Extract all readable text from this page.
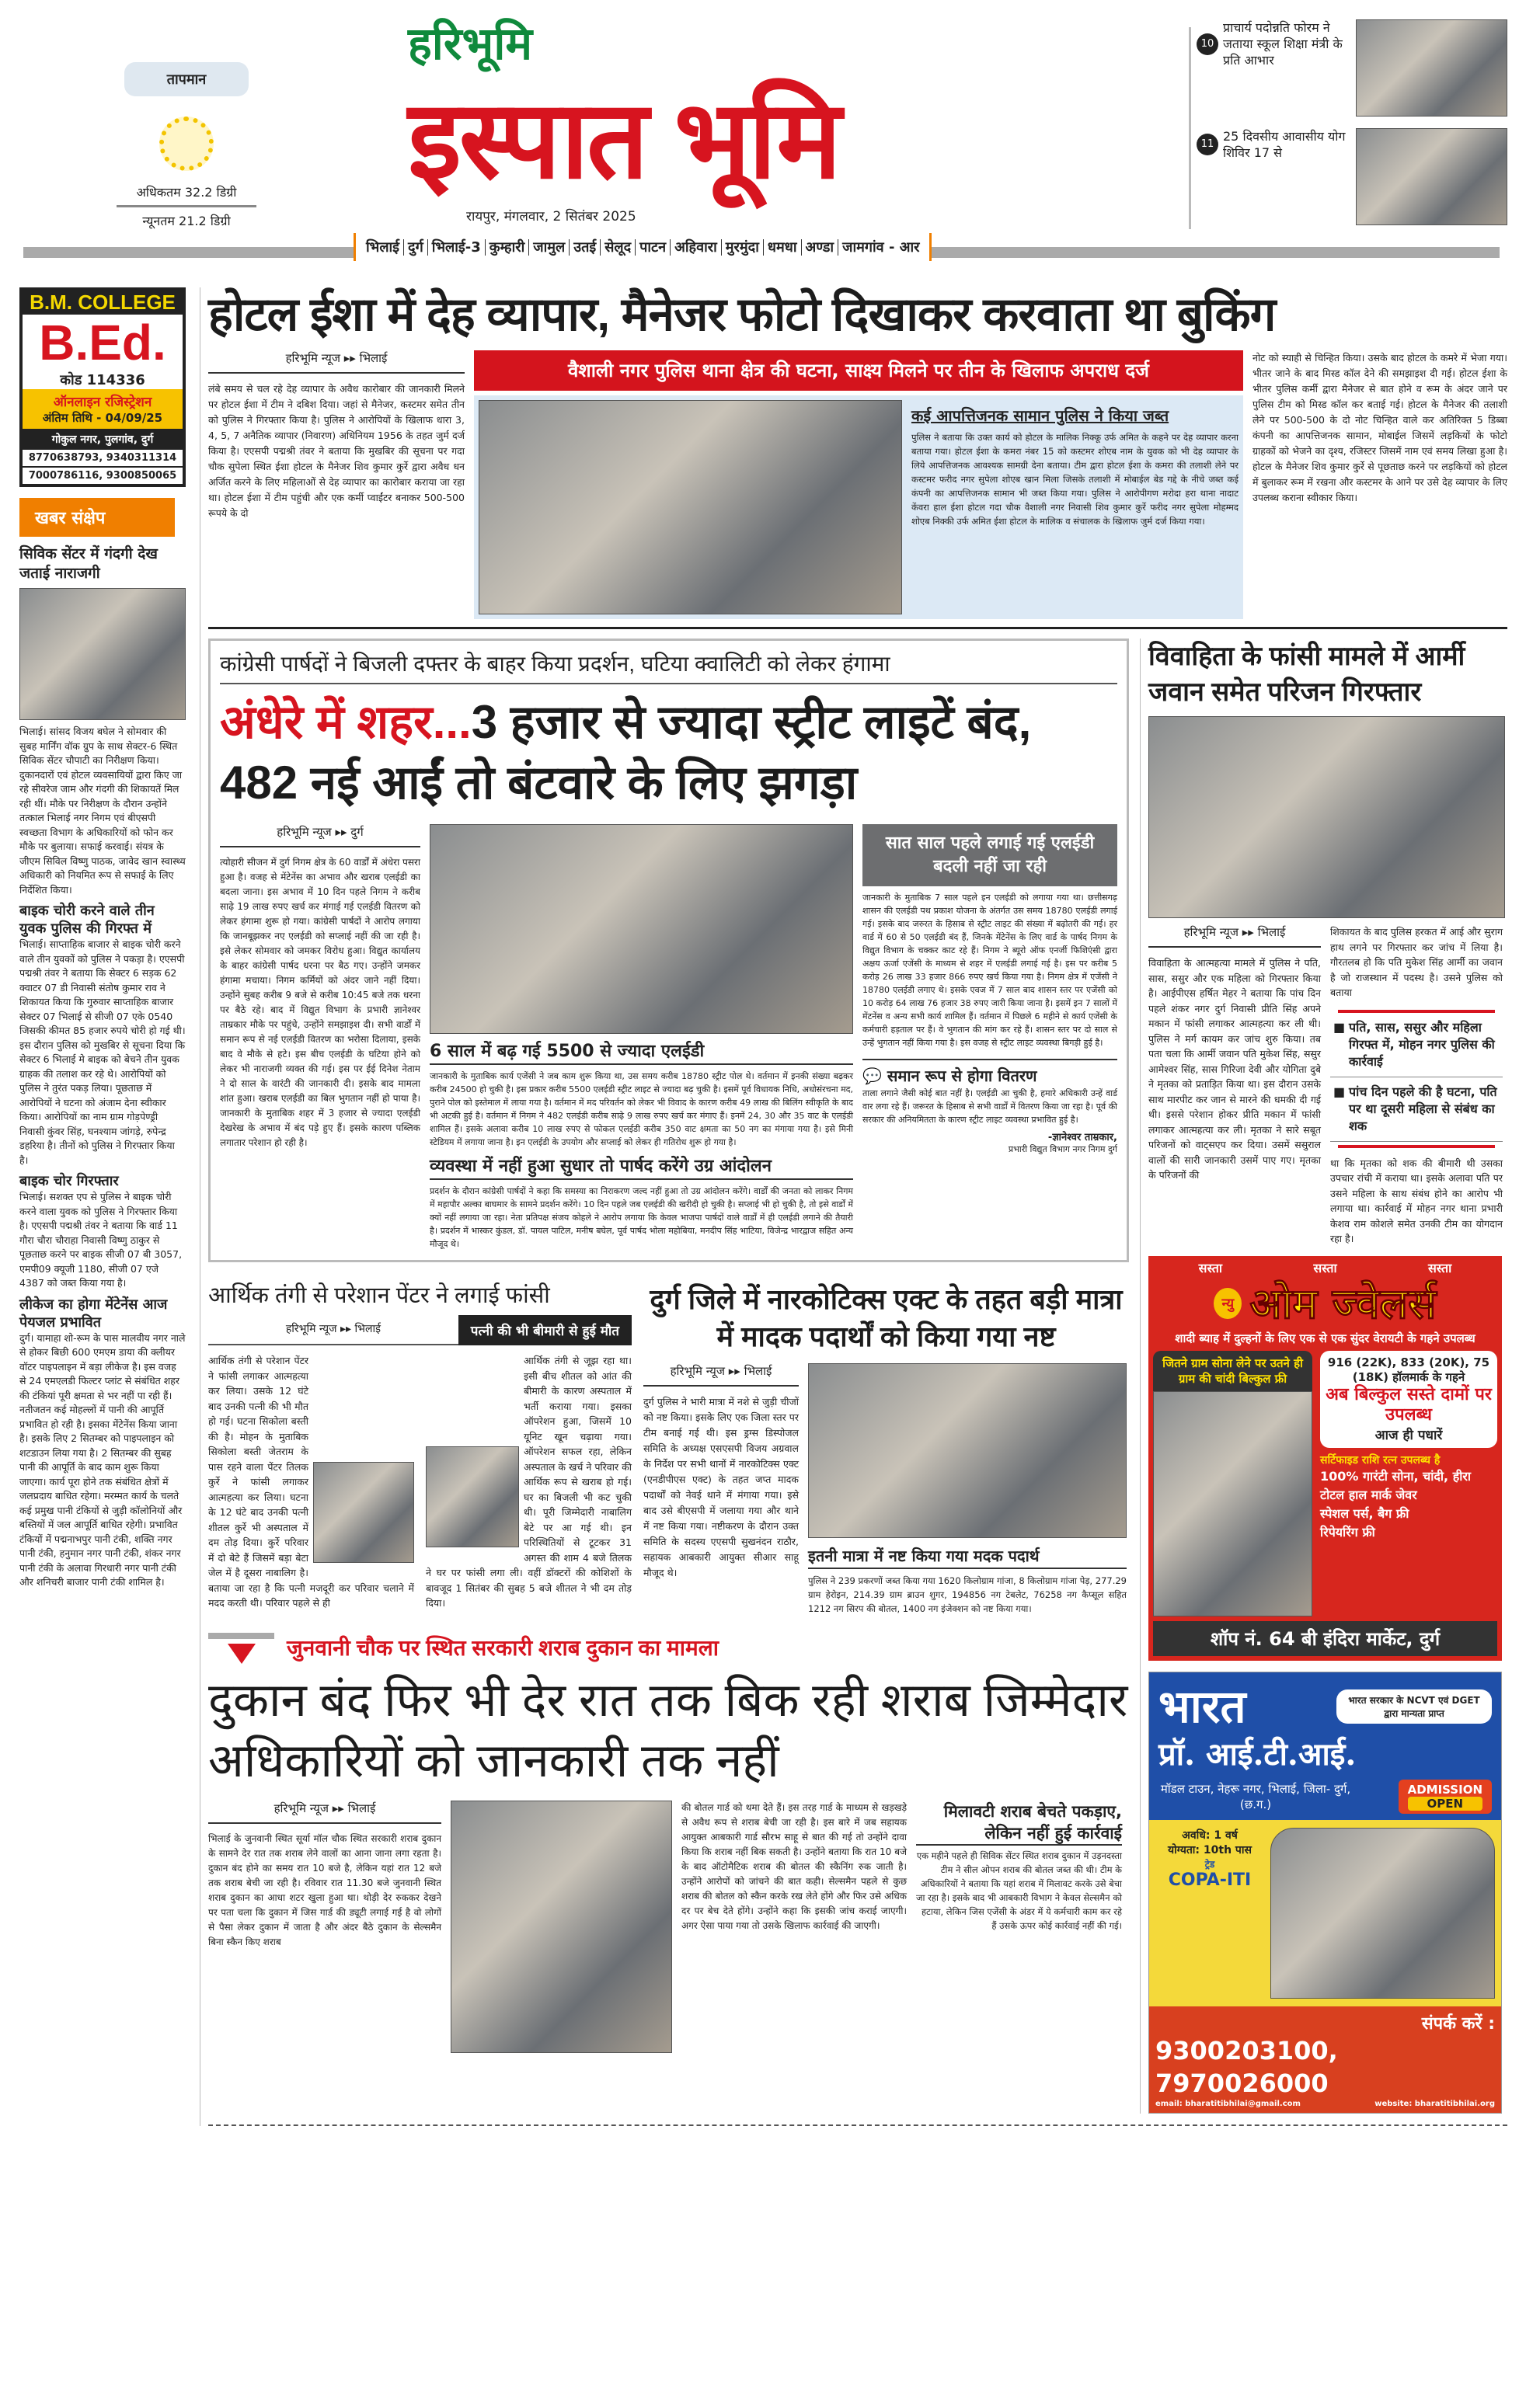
तापमान
अधिकतम 32.2 डिग्री
न्यूनतम 21.2 डिग्री
हरिभूमि
इस्पात भूमि
रायपुर, मंगलवार, 2 सितंबर 2025
10प्राचार्य पदोन्नति फोरम ने जताया स्कूल शिक्षा मंत्री के प्रति आभार
1125 दिवसीय आवासीय योग शिविर 17 से
भिलाई दुर्ग भिलाई-3 कुम्हारी जामुल उतई सेलूद पाटन अहिवारा मुरमुंदा धमधा अण्डा जामगांव - आर
B.M. COLLEGE
B.Ed.
कोड 114336
ऑनलाइन रजिस्ट्रेशन
अंतिम तिथि - 04/09/25
गोकुल नगर, पुलगांव, दुर्ग
8770638793, 9340311314
7000786116, 9300850065
खबर संक्षेप
सिविक सेंटर में गंदगी देख जताई नाराजगी
भिलाई। सांसद विजय बघेल ने सोमवार की सुबह मार्निंग वॉक ग्रुप के साथ सेक्टर-6 स्थित सिविक सेंटर चौपाटी का निरीक्षण किया। दुकानदारों एवं होटल व्यवसायियों द्वारा किए जा रहे सीवरेज जाम और गंदगी की शिकायतें मिल रही थीं। मौके पर निरीक्षण के दौरान उन्होंने तत्काल भिलाई नगर निगम एवं बीएसपी स्वच्छता विभाग के अधिकारियों को फोन कर मौके पर बुलाया। सफाई करवाई। संयत्र के जीएम सिविल विष्णु पाठक, जावेद खान स्वास्थ्य अधिकारी को नियमित रूप से सफाई के लिए निर्देशित किया।
बाइक चोरी करने वाले तीन युवक पुलिस की गिरफ्त में
भिलाई। साप्ताहिक बाजार से बाइक चोरी करने वाले तीन युवकों को पुलिस ने पकड़ा है। एएसपी पद्मश्री तंवर ने बताया कि सेक्टर 6 सड़क 62 क्वाटर 07 डी निवासी संतोष कुमार राव ने शिकायत किया कि गुरुवार साप्ताहिक बाजार सेक्टर 07 भिलाई से सीजी 07 एके 0540 जिसकी कीमत 85 हजार रुपये चोरी हो गई थी। इस दौरान पुलिस को मुखबिर से सूचना दिया कि सेक्टर 6 भिलाई मे बाइक को बेचने तीन युवक ग्राहक की तलाश कर रहे थे। आरोपियों को पुलिस ने तुरंत पकड़ लिया। पूछताछ में आरोपियों ने घटना को अंजाम देना स्वीकार किया। आरोपियों का नाम ग्राम गोड़पेण्ड्री निवासी कुंवर सिंह, घनश्याम जांगड़े, रुपेन्द्र डहरिया है। तीनों को पुलिस ने गिरफ्तार किया है।
बाइक चोर गिरफ्तार
भिलाई। सशक्त एप से पुलिस ने बाइक चोरी करने वाला युवक को पुलिस ने गिरफ्तार किया है। एएसपी पद्मश्री तंवर ने बताया कि वार्ड 11 गौरा चौरा चौराहा निवासी विष्णु ठाकुर से पूछताछ करने पर बाइक सीजी 07 बी 3057, एमपी09 क्यूजी 1180, सीजी 07 एजे 4387 को जब्त किया गया है।
लीकेज का होगा मेंटेनेंस आज पेयजल प्रभावित
दुर्ग। यामाहा शो-रूम के पास मालवीय नगर नाले से होकर बिछी 600 एमएम डाया की क्लीयर वॉटर पाइपलाइन में बड़ा लीकेज है। इस वजह से 24 एमएलडी फिल्टर प्लांट से संबंधित शहर की टंकियां पूरी क्षमता से भर नहीं पा रही हैं। नतीजतन कई मोहल्लों में पानी की आपूर्ति प्रभावित हो रही है। इसका मेंटेनेंस किया जाना है। इसके लिए 2 सितम्बर को पाइपलाइन को शटडाउन लिया गया है। 2 सितम्बर की सुबह पानी की आपूर्ति के बाद काम शुरू किया जाएगा। कार्य पूरा होने तक संबंधित क्षेत्रों में जलप्रदाय बाधित रहेगा। मरम्मत कार्य के चलते कई प्रमुख पानी टंकियों से जुड़ी कॉलोनियों और बस्तियों में जल आपूर्ति बाधित रहेगी। प्रभावित टंकियों में पद्मनाभपुर पानी टंकी, शक्ति नगर पानी टंकी, हनुमान नगर पानी टंकी, शंकर नगर पानी टंकी के अलावा गिरधारी नगर पानी टंकी और शनिचरी बाजार पानी टंकी शामिल है।
होटल ईशा में देह व्यापार, मैनेजर फोटो दिखाकर करवाता था बुकिंग
हरिभूमि न्यूज ▸▸ भिलाई
लंबे समय से चल रहे देह व्यापार के अवैध कारोबार की जानकारी मिलने पर होटल ईशा में टीम ने दबिश दिया। जहां से मैनेजर, कस्टमर समेत तीन को पुलिस ने गिरफ्तार किया है। पुलिस ने आरोपियों के खिलाफ धारा 3, 4, 5, 7 अनैतिक व्यापार (निवारण) अधिनियम 1956 के तहत जुर्म दर्ज किया है। एएसपी पद्मश्री तंवर ने बताया कि मुखबिर की सूचना पर गदा चौक सुपेला स्थित ईशा होटल के मैनेजर शिव कुमार कुर्रे द्वारा अवैध धन अर्जित करने के लिए महिलाओं से देह व्यापार का कारोबार कराया जा रहा था। होटल ईशा में टीम पहुंची और एक कर्मी प्वाईंटर बनाकर 500-500 रूपये के दो
वैशाली नगर पुलिस थाना क्षेत्र की घटना, साक्ष्य मिलने पर तीन के खिलाफ अपराध दर्ज
कई आपत्तिजनक सामान पुलिस ने किया जब्त
पुलिस ने बताया कि उक्त कार्य को होटल के मालिक निक्कू उर्फ अमित के कहने पर देह व्यापार करना बताया गया। होटल ईशा के कमरा नंबर 15 को कस्टमर शोएब नाम के युवक को भी देह व्यापार के लिये आपत्तिजनक आवश्यक सामग्री देना बताया। टीम द्वारा होटल ईशा के कमरा की तलाशी लेने पर कस्टमर फरीद नगर सुपेला शोएब खान मिला जिसके तलाशी में मोबाईल बेड गद्दे के नीचे जब्त कई कंपनी का आपत्तिजनक सामान भी जब्त किया गया। पुलिस ने आरोपीगण मरोदा हरा थाना नादाट केंवरा हाल ईशा होटल गदा चौक वैशाली नगर निवासी शिव कुमार कुर्रे फरीद नगर सुपेला मोहम्मद शोएब निक्की उर्फ अमित ईशा होटल के मालिक व संचालक के खिलाफ जुर्म दर्ज किया गया।
नोट को स्याही से चिन्हित किया। उसके बाद होटल के कमरे में भेजा गया। भीतर जाने के बाद मिस्ड कॉल देने की समझाइश दी गई। होटल ईशा के भीतर पुलिस कर्मी द्वारा मैनेजर से बात होने व रूम के अंदर जाने पर पुलिस टीम को मिस्ड कॉल कर बताई गई। होटल के मैनेजर की तलाशी लेने पर 500-500 के दो नोट चिन्हित वाले कर अतिरिक्त 5 डिब्बा कंपनी का आपत्तिजनक सामान, मोबाईल जिसमें लड़कियों के फोटो ग्राहकों को भेजने का दृश्य, रजिस्टर जिसमें नाम एवं समय लिखा हुआ है। होटल के मैनेजर शिव कुमार कुर्रे से पूछताछ करने पर लड़कियों को होटल में बुलाकर रूम में रखना और कस्टमर के आने पर उसे देह व्यापार के लिए उपलब्ध कराना स्वीकार किया।
कांग्रेसी पार्षदों ने बिजली दफ्तर के बाहर किया प्रदर्शन, घटिया क्वालिटी को लेकर हंगामा
अंधेरे में शहर...3 हजार से ज्यादा स्ट्रीट लाइटें बंद, 482 नई आईं तो बंटवारे के लिए झगड़ा
हरिभूमि न्यूज ▸▸ दुर्ग
त्योहारी सीजन में दुर्ग निगम क्षेत्र के 60 वार्डों में अंधेरा पसरा हुआ है। वजह से मेंटेनेंस का अभाव और खराब एलईडी का बदला जाना। इस अभाव में 10 दिन पहले निगम ने करीब साढ़े 19 लाख रुपए खर्च कर मंगाई गई एलईडी वितरण को लेकर हंगामा शुरू हो गया। कांग्रेसी पार्षदों ने आरोप लगाया कि जानबूझकर नए एलईडी को सप्लाई नहीं की जा रही है। इसे लेकर सोमवार को जमकर विरोध हुआ। विद्युत कार्यालय के बाहर कांग्रेसी पार्षद धरना पर बैठ गए। उन्होंने जमकर हंगामा मचाया। निगम कर्मियों को अंदर जाने नहीं दिया। उन्होंने सुबह करीब 9 बजे से करीब 10:45 बजे तक धरना पर बैठे रहे। बाद में विद्युत विभाग के प्रभारी ज्ञानेश्वर ताम्रकार मौके पर पहुंचे, उन्होंने समझाइश दी। सभी वार्डों में समान रूप से नई एलईडी वितरण का भरोसा दिलाया, इसके बाद वे मौके से हटे। इस बीच एलईडी के घटिया होने को लेकर भी नाराजगी व्यक्त की गई। इस पर ईई दिनेश नेताम ने दो साल के वारंटी की जानकारी दी। इसके बाद मामला शांत हुआ। खराब एलईडी का बिल भुगतान नहीं हो पाया है। जानकारी के मुताबिक शहर में 3 हजार से ज्यादा एलईडी देखरेख के अभाव में बंद पड़े हुए हैं। इसके कारण पब्लिक लगातार परेशान हो रही है।
6 साल में बढ़ गई 5500 से ज्यादा एलईडी
जानकारी के मुताबिक कार्य एजेंसी ने जब काम शुरू किया था, उस समय करीब 18780 स्ट्रीट पोल थे। वर्तमान में इनकी संख्या बढ़कर करीब 24500 हो चुकी है। इस प्रकार करीब 5500 एलईडी स्ट्रीट लाइट से ज्यादा बढ़ चुकी है। इसमें पूर्व विधायक निधि, अधोसंरचना मद, पुराने पोल को इस्तेमाल में लाया गया है। वर्तमान में मद परिवर्तन को लेकर भी विवाद के कारण करीब 49 लाख की बिलिंग स्वीकृति के बाद भी अटकी हुई है। वर्तमान में निगम ने 482 एलईडी करीब साढ़े 9 लाख रुपए खर्च कर मंगाए हैं। इनमें 24, 30 और 35 वाट के एलईडी शामिल हैं। इसके अलावा करीब 10 लाख रुपए से फोकल एलईडी करीब 350 वाट क्षमता का 50 नग का मंगाया गया है। इसे मिनी स्टेडियम में लगाया जाना है। इन एलईडी के उपयोग और सप्लाई को लेकर ही गतिरोध शुरू हो गया है।
व्यवस्था में नहीं हुआ सुधार तो पार्षद करेंगे उग्र आंदोलन
प्रदर्शन के दौरान कांग्रेसी पार्षदों ने कहा कि समस्या का निराकरण जल्द नहीं हुआ तो उग्र आंदोलन करेंगे। वार्डों की जनता को लाकर निगम में महापौर अल्का बाघमार के सामने प्रदर्शन करेंगे। 10 दिन पहले जब एलईडी की खरीदी हो चुकी है। सप्लाई भी हो चुकी है, तो इसे वार्डों में क्यों नहीं लगाया जा रहा। नेता प्रतिपक्ष संजय कोहले ने आरोप लगाया कि केवल भाजपा पार्षदों वाले वार्डों में ही एलईडी लगाने की तैयारी है। प्रदर्शन में भास्कर कुंडल, डॉ. पायल पाटिल, मनीष बघेल, पूर्व पार्षद भोला महोबिया, मनदीप सिंह भाटिया, विजेन्द्र भारद्वाज सहित अन्य मौजूद थे।
सात साल पहले लगाई गई एलईडी बदली नहीं जा रही
जानकारी के मुताबिक 7 साल पहले इन एलईडी को लगाया गया था। छत्तीसगढ़ शासन की एलईडी पथ प्रकाश योजना के अंतर्गत उस समय 18780 एलईडी लगाई गई। इसके बाद जरुरत के हिसाब से स्ट्रीट लाइट की संख्या में बढ़ोतरी की गई। हर वार्ड में 60 से 50 एलईडी बंद हैं, जिनके मेंटेनेंस के लिए वार्ड के पार्षद निगम के विद्युत विभाग के चक्कर काट रहे हैं। निगम ने ब्यूरो ऑफ एनर्जी फिशिएंसी द्वारा अक्षय ऊर्जा एजेंसी के माध्यम से शहर में एलईडी लगाई गई है। इस पर करीब 5 करोड़ 26 लाख 33 हजार 866 रुपए खर्च किया गया है। निगम क्षेत्र में एजेंसी ने 18780 एलईडी लगाए थे। इसके एवज में 7 साल बाद शासन स्तर पर एजेंसी को 10 करोड़ 64 लाख 76 हजार 38 रुपए जारी किया जाना है। इसमें इन 7 सालों में मेंटनेंस व अन्य सभी कार्य शामिल हैं। वर्तमान में पिछले 6 महीने से कार्य एजेंसी के कर्मचारी हड़ताल पर हैं। वे भुगतान की मांग कर रहे हैं। शासन स्तर पर दो साल से उन्हें भुगतान नहीं किया गया है। इस वजह से स्ट्रीट लाइट व्यवस्था बिगड़ी हुई है।
💬 समान रूप से होगा वितरण
ताला लगाने जैसी कोई बात नहीं है। एलईडी आ चुकी है, हमारे अधिकारी उन्हें वार्ड वार लगा रहे हैं। जरूरत के हिसाब से सभी वार्डों में वितरण किया जा रहा है। पूर्व की सरकार की अनियमितता के कारण स्ट्रीट लाइट व्यवस्था प्रभावित हुई है।
-ज्ञानेश्वर ताम्रकार,
प्रभारी विद्युत विभाग नगर निगम दुर्ग
आर्थिक तंगी से परेशान पेंटर ने लगाई फांसी
हरिभूमि न्यूज ▸▸ भिलाई	पत्नी की भी बीमारी से हुई मौत
आर्थिक तंगी से परेशान पेंटर ने फांसी लगाकर आत्महत्या कर लिया। उसके 12 घंटे बाद उनकी पत्नी की भी मौत हो गई। घटना सिकोला बस्ती की है। मोहन के मुताबिक सिकोला बस्ती जेतराम के पास रहने वाला पेंटर तिलक कुर्रे ने फांसी लगाकर आत्महत्या कर लिया। घटना के 12 घंटे बाद उनकी पत्नी शीतल कुर्रे भी अस्पताल में दम तोड़ दिया। कुर्रे परिवार में दो बेटे हैं जिसमें बड़ा बेटा जेल में है दूसरा नाबालिग है। बताया जा रहा है कि पत्नी मजदूरी कर परिवार चलाने में मदद करती थी। परिवार पहले से ही
आर्थिक तंगी से जूझ रहा था। इसी बीच शीतल को आंत की बीमारी के कारण अस्पताल में भर्ती कराया गया। इसका ऑपरेशन हुआ, जिसमें 10 यूनिट खून चढ़ाया गया। ऑपरेशन सफल रहा, लेकिन अस्पताल के खर्च ने परिवार की आर्थिक रूप से खराब हो गई। घर का बिजली भी कट चुकी थी। पूरी जिम्मेदारी नाबालिग बेटे पर आ गई थी। इन परिस्थितियों से टूटकर 31 अगस्त की शाम 4 बजे तिलक ने घर पर फांसी लगा ली। वहीं डॉक्टरों की कोशिशों के बावजूद 1 सितंबर की सुबह 5 बजे शीतल ने भी दम तोड़ दिया।
दुर्ग जिले में नारकोटिक्स एक्ट के तहत बड़ी मात्रा में मादक पदार्थों को किया गया नष्ट
हरिभूमि न्यूज ▸▸ भिलाई
दुर्ग पुलिस ने भारी मात्रा में नशे से जुड़ी चीजों को नष्ट किया। इसके लिए एक जिला स्तर पर टीम बनाई गई थी। इस ड्रग्स डिस्पोजल समिति के अध्यक्ष एसएसपी विजय अग्रवाल के निर्देश पर सभी थानों में नारकोटिक्स एक्ट (एनडीपीएस एक्ट) के तहत जप्त मादक पदार्थों को नेवई थाने में मंगाया गया। इसे बाद उसे बीएसपी में जलाया गया और थाने में नष्ट किया गया। नष्टीकरण के दौरान उक्त समिति के सदस्य एएसपी सुखनंदन राठौर, सहायक आबकारी आयुक्त सीआर साहू मौजूद थे।
इतनी मात्रा में नष्ट किया गया मदक पदार्थ
पुलिस ने 239 प्रकरणों जब्त किया गया 1620 किलोग्राम गांजा, 8 किलोग्राम गांजा पेड़, 277.29 ग्राम हेरोइन, 214.39 ग्राम ब्राउन शुगर, 194856 नग टेबलेट, 76258 नग कैप्सूल सहित 1212 नग सिरप की बोतल, 1400 नग इंजेक्शन को नष्ट किया गया।
जुनवानी चौक पर स्थित सरकारी शराब दुकान का मामला
दुकान बंद फिर भी देर रात तक बिक रही शराब जिम्मेदार अधिकारियों को जानकारी तक नहीं
हरिभूमि न्यूज ▸▸ भिलाई
भिलाई के जुनवानी स्थित सूर्या मॉल चौक स्थित सरकारी शराब दुकान के सामने देर रात तक शराब लेने वालों का आना जाना लगा रहता है। दुकान बंद होने का समय रात 10 बजे है, लेकिन यहां रात 12 बजे तक शराब बेची जा रही है। रविवार रात 11.30 बजे जुनवानी स्थित शराब दुकान का आधा शटर खुला हुआ था। थोड़ी देर रुककर देखने पर पता चला कि दुकान में जिस गार्ड की ड्यूटी लगाई गई है वो लोगों से पैसा लेकर दुकान में जाता है और अंदर बैठे दुकान के सेल्समैन बिना स्कैन किए शराब
की बोतल गार्ड को थमा देते हैं। इस तरह गार्ड के माध्यम से खड़खड़े से अवैध रूप से शराब बेची जा रही है। इस बारे में जब सहायक आयुक्त आबकारी गार्ड सौरभ साहू से बात की गई तो उन्होंने दावा किया कि शराब नहीं बिक सकती है। उन्होंने बताया कि रात 10 बजे के बाद ऑटोमैटिक शराब की बोतल की स्कैनिंग रुक जाती है। उन्होंने आरोपों को जांचने की बात कही। सेल्समैन पहले से कुछ शराब की बोतल को स्कैन करके रख लेते होंगे और फिर उसे अधिक दर पर बेच देते होंगे। उन्होंने कहा कि इसकी जांच कराई जाएगी। अगर ऐसा पाया गया तो उसके खिलाफ कार्रवाई की जाएगी।
मिलावटी शराब बेचते पकड़ाए, लेकिन नहीं हुई कार्रवाई
एक महीने पहले ही सिविक सेंटर स्थित शराब दुकान में उड़नदस्ता टीम ने सील ओपन शराब की बोतल जब्त की थी। टीम के अधिकारियों ने बताया कि यहां शराब में मिलावट करके उसे बेचा जा रहा है। इसके बाद भी आबकारी विभाग ने केवल सेल्समैन को हटाया, लेकिन जिस एजेंसी के अंडर में ये कर्मचारी काम कर रहे हैं उसके ऊपर कोई कार्रवाई नहीं की गई।
विवाहिता के फांसी मामले में आर्मी जवान समेत परिजन गिरफ्तार
हरिभूमि न्यूज ▸▸ भिलाई
विवाहिता के आत्महत्या मामले में पुलिस ने पति, सास, ससुर और एक महिला को गिरफ्तार किया है। आईपीएस हर्षित मेहर ने बताया कि पांच दिन पहले शंकर नगर दुर्ग निवासी प्रीति सिंह अपने मकान में फांसी लगाकर आत्महत्या कर ली थी। पुलिस ने मर्ग कायम कर जांच शुरु किया। तब पता चला कि आर्मी जवान पति मुकेश सिंह, ससुर आमेश्वर सिंह, सास गिरिजा देवी और योगिता दुबे ने मृतका को प्रताड़ित किया था। इस दौरान उसके साथ मारपीट कर जान से मारने की धमकी दी गई थी। इससे परेशान होकर प्रीति मकान में फांसी लगाकर आत्महत्या कर ली। मृतका ने सारे सबूत परिजनों को वाट्सएप कर दिया। उसमें ससुराल वालों की सारी जानकारी उसमें पाए गए। मृतका के परिजनों की
शिकायत के बाद पुलिस हरकत में आई और सुराग हाथ लगने पर गिरफ्तार कर जांच में लिया है। गौरतलब हो कि पति मुकेश सिंह आर्मी का जवान है जो राजस्थान में पदस्थ है। उसने पुलिस को बताया
■ पति, सास, ससुर और महिला गिरफ्त में, मोहन नगर पुलिस की कार्रवाई
■ पांच दिन पहले की है घटना, पति पर था दूसरी महिला से संबंध का शक
था कि मृतका को शक की बीमारी थी उसका उपचार रांची में कराया था। इसके अलावा पति पर उसने महिला के साथ संबंध होने का आरोप भी लगाया था। कार्रवाई में मोहन नगर थाना प्रभारी केशव राम कोशले समेत उनकी टीम का योगदान रहा है।
सस्ता	सस्ता	सस्ता
न्यु ओम ज्वेलर्स
शादी ब्याह में दुल्हनों के लिए एक से एक सुंदर वेरायटी के गहने उपलब्ध
जितने ग्राम सोना लेने पर उतने ही ग्राम की चांदी बिल्कुल फ्री
916 (22K), 833 (20K), 75 (18K) हॉलमार्क के गहने
अब बिल्कुल सस्ते दामों पर उपलब्ध
आज ही पधारें
सर्टिफाइड राशि रत्न उपलब्ध है
100% गारंटी सोना, चांदी, हीरा
टोटल हाल मार्क जेवर
स्पेशल पर्स, बैग फ्री
रिपेयरिंग फ्री
शॉप नं. 64 बी इंदिरा मार्केट, दुर्ग
भारत	भारत सरकार के NCVT एवं DGET द्वारा मान्यता प्राप्त
प्रॉ. आई.टी.आई.
मॉडल टाउन, नेहरू नगर, भिलाई, जिला- दुर्ग, (छ.ग.)
ADMISSION
OPEN
अवधि: 1 वर्ष
योग्यता: 10th पास
ट्रेड
COPA-ITI
संपर्क करें :
9300203100, 7970026000
email: bharatitibhilai@gmail.com	website: bharatitibhilai.org
